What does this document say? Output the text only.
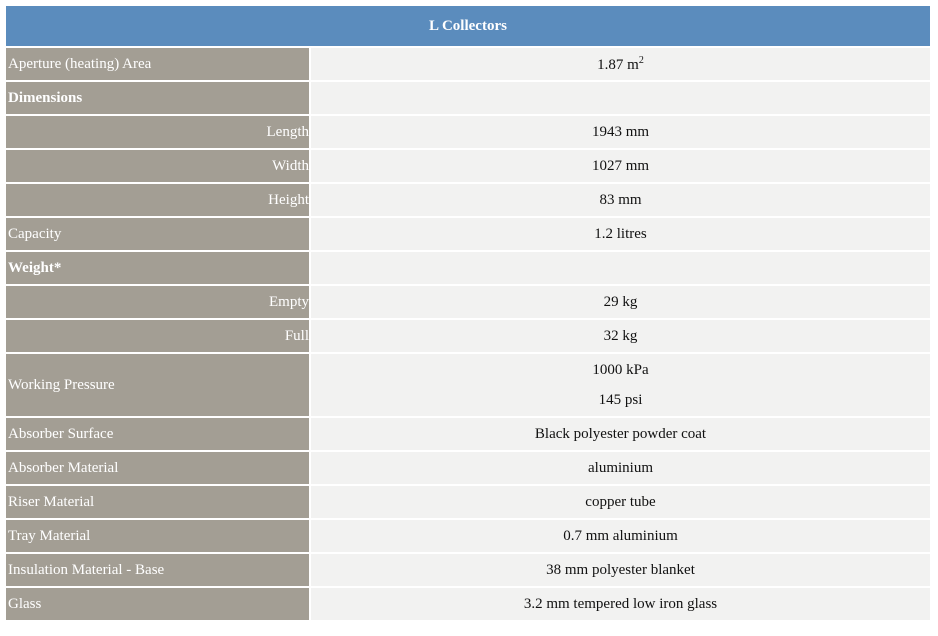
L Collectors	
Aperture (heating) Area	1.87 $m^2$
Dimensions	
Length	1943 mm
Width	1027 mm
Height	83 mm
Capacity	1.2 litres
Weight*	
Empty	29 kg
Full	32 kg
Working Pressure	1000 kPa
145 psi

Absorber Surface	Black polyester powder coat
Absorber Material	aluminium
Riser Material	copper tube
Tray Material	0.7 mm aluminium
Insulation Material - Base	38 mm polyester blanket
Glass	3.2 mm tempered low iron glass
